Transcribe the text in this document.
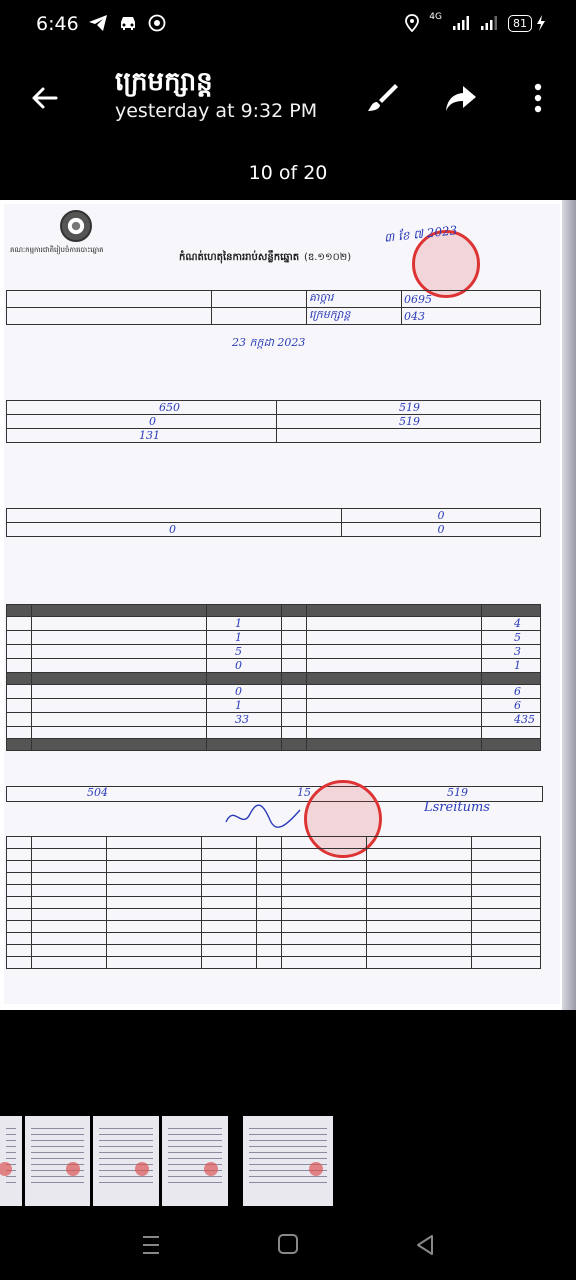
6:46	4G	81
ក្រេមក្សាន្ត
yesterday at 9:32 PM
10 of 20
គណៈកម្មការជាតិរៀបចំការបោះឆ្នោត
កំណត់ហេតុនៃការរាប់សន្លឹកឆ្នោត (ឌ.១១០២)
៣ ខែ ៧ 2023
		គាច្ការ	0695
		ក្រេមក្សាន្ត	043
23 កក្កដា 2023
650	519
0	519
131	
	0
0	0

		1			4
		1			5
		5			3
		0			1

		0			6
		1			6
		33			435

504	15	519
Lsreitums
